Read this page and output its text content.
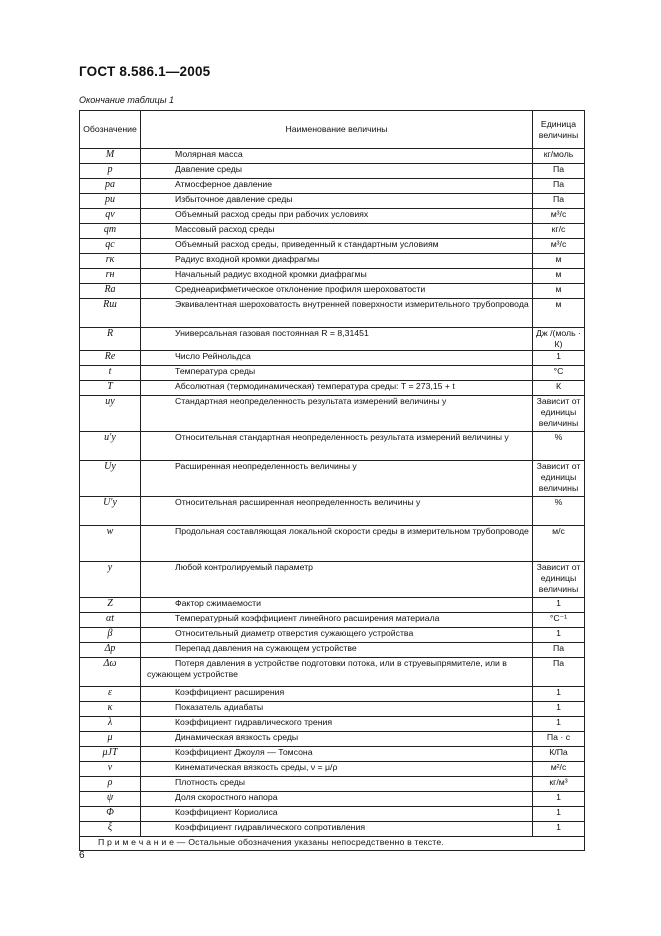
ГОСТ 8.586.1—2005
Окончание таблицы 1
Обозначение	Наименование величины	Единица величины
M	Молярная масса	кг/моль
p	Давление среды	Па
pа	Атмосферное давление	Па
pи	Избыточное давление среды	Па
qv	Объемный расход среды при рабочих условиях	м³/с
qm	Массовый расход среды	кг/с
qc	Объемный расход среды, приведенный к стандартным условиям	м³/с
rк	Радиус входной кромки диафрагмы	м
rн	Начальный радиус входной кромки диафрагмы	м
Ra	Среднеарифметическое отклонение профиля шероховатости	м
Rш	Эквивалентная шероховатость внутренней поверхности измерительного трубопровода	м
R	Универсальная газовая постоянная R = 8,31451	Дж /(моль · К)
Re	Число Рейнольдса	1
t	Температура среды	°С
T	Абсолютная (термодинамическая) температура среды: T = 273,15 + t	К
uy	Стандартная неопределенность результата измерений величины y	Зависит от единицы величины
u′y	Относительная стандартная неопределенность результата измерений величины y	%
Uy	Расширенная неопределенность величины y	Зависит от единицы величины
U′y	Относительная расширенная неопределенность величины y	%
w	Продольная составляющая локальной скорости среды в измерительном трубопроводе	м/с
y	Любой контролируемый параметр	Зависит от единицы величины
Z	Фактор сжимаемости	1
αt	Температурный коэффициент линейного расширения материала	°С⁻¹
β	Относительный диаметр отверстия сужающего устройства	1
Δp	Перепад давления на сужающем устройстве	Па
Δω	Потеря давления в устройстве подготовки потока, или в струевыпрямителе, или в сужающем устройстве	Па
ε	Коэффициент расширения	1
κ	Показатель адиабаты	1
λ	Коэффициент гидравлического трения	1
μ	Динамическая вязкость среды	Па · с
μJT	Коэффициент Джоуля — Томсона	К/Па
ν	Кинематическая вязкость среды, ν = μ/ρ	м²/с
ρ	Плотность среды	кг/м³
ψ	Доля скоростного напора	1
Φ	Коэффициент Кориолиса	1
ξ	Коэффициент гидравлического сопротивления	1
П р и м е ч а н и е — Остальные обозначения указаны непосредственно в тексте.		
6
